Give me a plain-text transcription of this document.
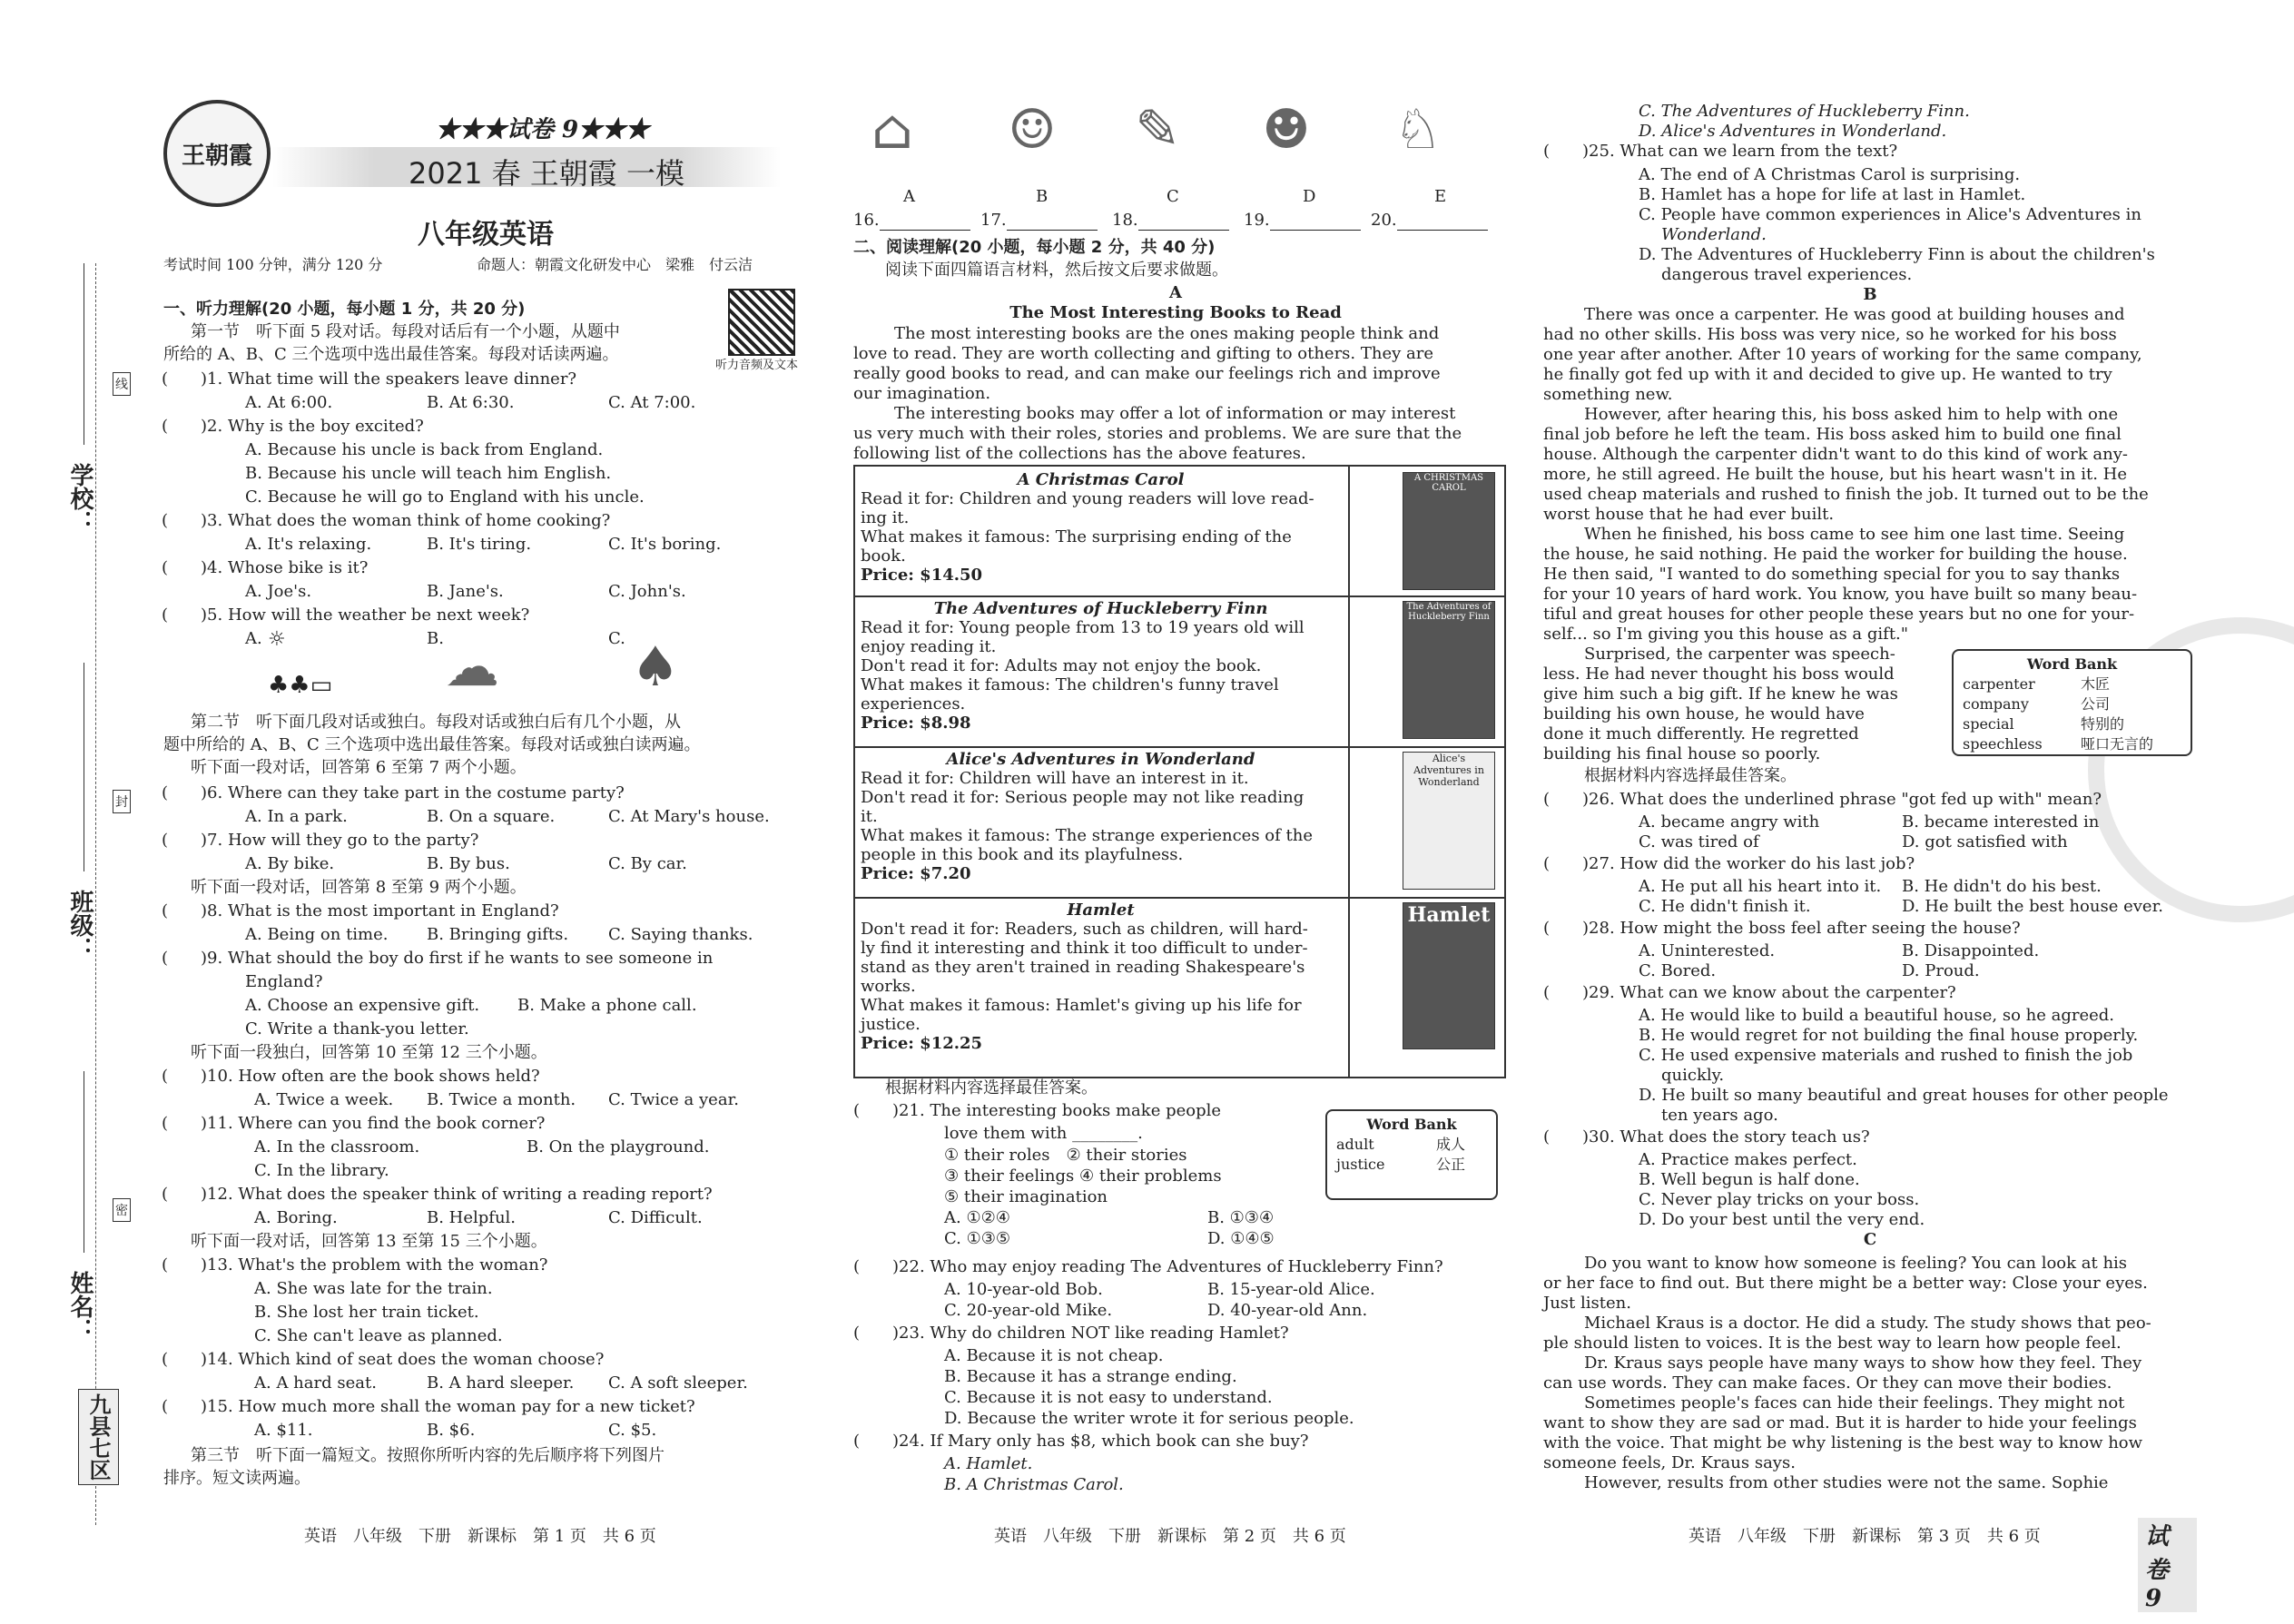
学校：
班级：
姓名：
线
封
密
九县七区
王朝霞
★★★试卷 9★★★
2021 春 王朝霞 一模
八年级英语
考试时间 100 分钟，满分 120 分	命题人：朝霞文化研发中心　梁雅　付云洁
听力音频及文本
一、听力理解(20 小题，每小题 1 分，共 20 分)
第一节　听下面 5 段对话。每段对话后有一个小题，从题中
所给的 A、B、C 三个选项中选出最佳答案。每段对话读两遍。
(　　)1. What time will the speakers leave dinner?
A. At 6:00.	B. At 6:30.	C. At 7:00.
(　　)2. Why is the boy excited?
A. Because his uncle is back from England.
B. Because his uncle will teach him English.
C. Because he will go to England with his uncle.
(　　)3. What does the woman think of home cooking?
A. It's relaxing.	B. It's tiring.	C. It's boring.
(　　)4. Whose bike is it?
A. Joe's.	B. Jane's.	C. John's.
(　　)5. How will the weather be next week?
A. ☼
♣♣▭
B. ☁	C. ♠
第二节　听下面几段对话或独白。每段对话或独白后有几个小题，从
题中所给的 A、B、C 三个选项中选出最佳答案。每段对话或独白读两遍。
听下面一段对话，回答第 6 至第 7 两个小题。
(　　)6. Where can they take part in the costume party?
A. In a park.	B. On a square.	C. At Mary's house.
(　　)7. How will they go to the party?
A. By bike.	B. By bus.	C. By car.
听下面一段对话，回答第 8 至第 9 两个小题。
(　　)8. What is the most important in England?
A. Being on time. B. Bringing gifts. C. Saying thanks.
(　　)9. What should the boy do first if he wants to see someone in
England?
A. Choose an expensive gift. B. Make a phone call.
C. Write a thank-you letter.
听下面一段独白，回答第 10 至第 12 三个小题。
(　　)10. How often are the book shows held?
A. Twice a week. B. Twice a month. C. Twice a year.
(　　)11. Where can you find the book corner?
A. In the classroom.	B. On the playground.
C. In the library.
(　　)12. What does the speaker think of writing a reading report?
A. Boring.	B. Helpful.	C. Difficult.
听下面一段对话，回答第 13 至第 15 三个小题。
(　　)13. What's the problem with the woman?
A. She was late for the train.
B. She lost her train ticket.
C. She can't leave as planned.
(　　)14. Which kind of seat does the woman choose?
A. A hard seat.	B. A hard sleeper. C. A soft sleeper.
(　　)15. How much more shall the woman pay for a new ticket?
A. $11.	B. $6.	C. $5.
第三节　听下面一篇短文。按照你所听内容的先后顺序将下列图片
排序。短文读两遍。
英语　八年级　下册　新课标　第 1 页　共 6 页
⌂	☺	✎	☻	♘
A	B	C	D	E
16.	17.	18.	19.	20.
二、阅读理解(20 小题，每小题 2 分，共 40 分)
阅读下面四篇语言材料，然后按文后要求做题。
A
The Most Interesting Books to Read
The most interesting books are the ones making people think and
love to read. They are worth collecting and gifting to others. They are
really good books to read, and can make our feelings rich and improve
our imagination.
The interesting books may offer a lot of information or may interest
us very much with their roles, stories and problems. We are sure that the
following list of the collections has the above features.
A Christmas Carol
Read it for: Children and young readers will love read-
ing it.
What makes it famous: The surprising ending of the
book.
Price: $14.50
A CHRISTMAS CAROL
The Adventures of Huckleberry Finn
Read it for: Young people from 13 to 19 years old will
enjoy reading it.
Don't read it for: Adults may not enjoy the book.
What makes it famous: The children's funny travel
experiences.
Price: $8.98
The Adventures of Huckleberry Finn
Alice's Adventures in Wonderland
Read it for: Children will have an interest in it.
Don't read it for: Serious people may not like reading
it.
What makes it famous: The strange experiences of the
people in this book and its playfulness.
Price: $7.20
Alice's Adventures in Wonderland
Hamlet
Don't read it for: Readers, such as children, will hard-
ly find it interesting and think it too difficult to under-
stand as they aren't trained in reading Shakespeare's
works.
What makes it famous: Hamlet's giving up his life for
justice.
Price: $12.25
Hamlet
根据材料内容选择最佳答案。
(　　)21. The interesting books make people
love them with ________.
① their roles　② their stories
③ their feelings ④ their problems
⑤ their imagination
A. ①②④	B. ①③④
C. ①③⑤	D. ①④⑤
Word Bank
adult	成人
justice	公正
(　　)22. Who may enjoy reading The Adventures of Huckleberry Finn?
A. 10-year-old Bob.	B. 15-year-old Alice.
C. 20-year-old Mike.	D. 40-year-old Ann.
(　　)23. Why do children NOT like reading Hamlet?
A. Because it is not cheap.
B. Because it has a strange ending.
C. Because it is not easy to understand.
D. Because the writer wrote it for serious people.
(　　)24. If Mary only has $8, which book can she buy?
A. Hamlet.
B. A Christmas Carol.
英语　八年级　下册　新课标　第 2 页　共 6 页
C. The Adventures of Huckleberry Finn.
D. Alice's Adventures in Wonderland.
(　　)25. What can we learn from the text?
A. The end of A Christmas Carol is surprising.
B. Hamlet has a hope for life at last in Hamlet.
C. People have common experiences in Alice's Adventures in
Wonderland.
D. The Adventures of Huckleberry Finn is about the children's
dangerous travel experiences.
B
There was once a carpenter. He was good at building houses and
had no other skills. His boss was very nice, so he worked for his boss
one year after another. After 10 years of working for the same company,
he finally got fed up with it and decided to give up. He wanted to try
something new.
However, after hearing this, his boss asked him to help with one
final job before he left the team. His boss asked him to build one final
house. Although the carpenter didn't want to do this kind of work any-
more, he still agreed. He built the house, but his heart wasn't in it. He
used cheap materials and rushed to finish the job. It turned out to be the
worst house that he had ever built.
When he finished, his boss came to see him one last time. Seeing
the house, he said nothing. He paid the worker for building the house.
He then said, "I wanted to do something special for you to say thanks
for your 10 years of hard work. You know, you have built so many beau-
tiful and great houses for other people these years but no one for your-
self... so I'm giving you this house as a gift."
Surprised, the carpenter was speech-
less. He had never thought his boss would
give him such a big gift. If he knew he was
building his own house, he would have
done it much differently. He regretted
building his final house so poorly.
Word Bank
carpenter	木匠
company	公司
special	特别的
speechless	哑口无言的
根据材料内容选择最佳答案。
(　　)26. What does the underlined phrase "got fed up with" mean?
A. became angry with	B. became interested in
C. was tired of	D. got satisfied with
(　　)27. How did the worker do his last job?
A. He put all his heart into it. B. He didn't do his best.
C. He didn't finish it.	D. He built the best house ever.
(　　)28. How might the boss feel after seeing the house?
A. Uninterested.	B. Disappointed.
C. Bored.	D. Proud.
(　　)29. What can we know about the carpenter?
A. He would like to build a beautiful house, so he agreed.
B. He would regret for not building the final house properly.
C. He used expensive materials and rushed to finish the job
quickly.
D. He built so many beautiful and great houses for other people
ten years ago.
(　　)30. What does the story teach us?
A. Practice makes perfect.
B. Well begun is half done.
C. Never play tricks on your boss.
D. Do your best until the very end.
C
Do you want to know how someone is feeling? You can look at his
or her face to find out. But there might be a better way: Close your eyes.
Just listen.
Michael Kraus is a doctor. He did a study. The study shows that peo-
ple should listen to voices. It is the best way to learn how people feel.
Dr. Kraus says people have many ways to show how they feel. They
can use words. They can make faces. Or they can move their bodies.
Sometimes people's faces can hide their feelings. They might not
want to show they are sad or mad. But it is harder to hide your feelings
with the voice. That might be why listening is the best way to know how
someone feels, Dr. Kraus says.
However, results from other studies were not the same. Sophie
英语　八年级　下册　新课标　第 3 页　共 6 页	试卷 9
